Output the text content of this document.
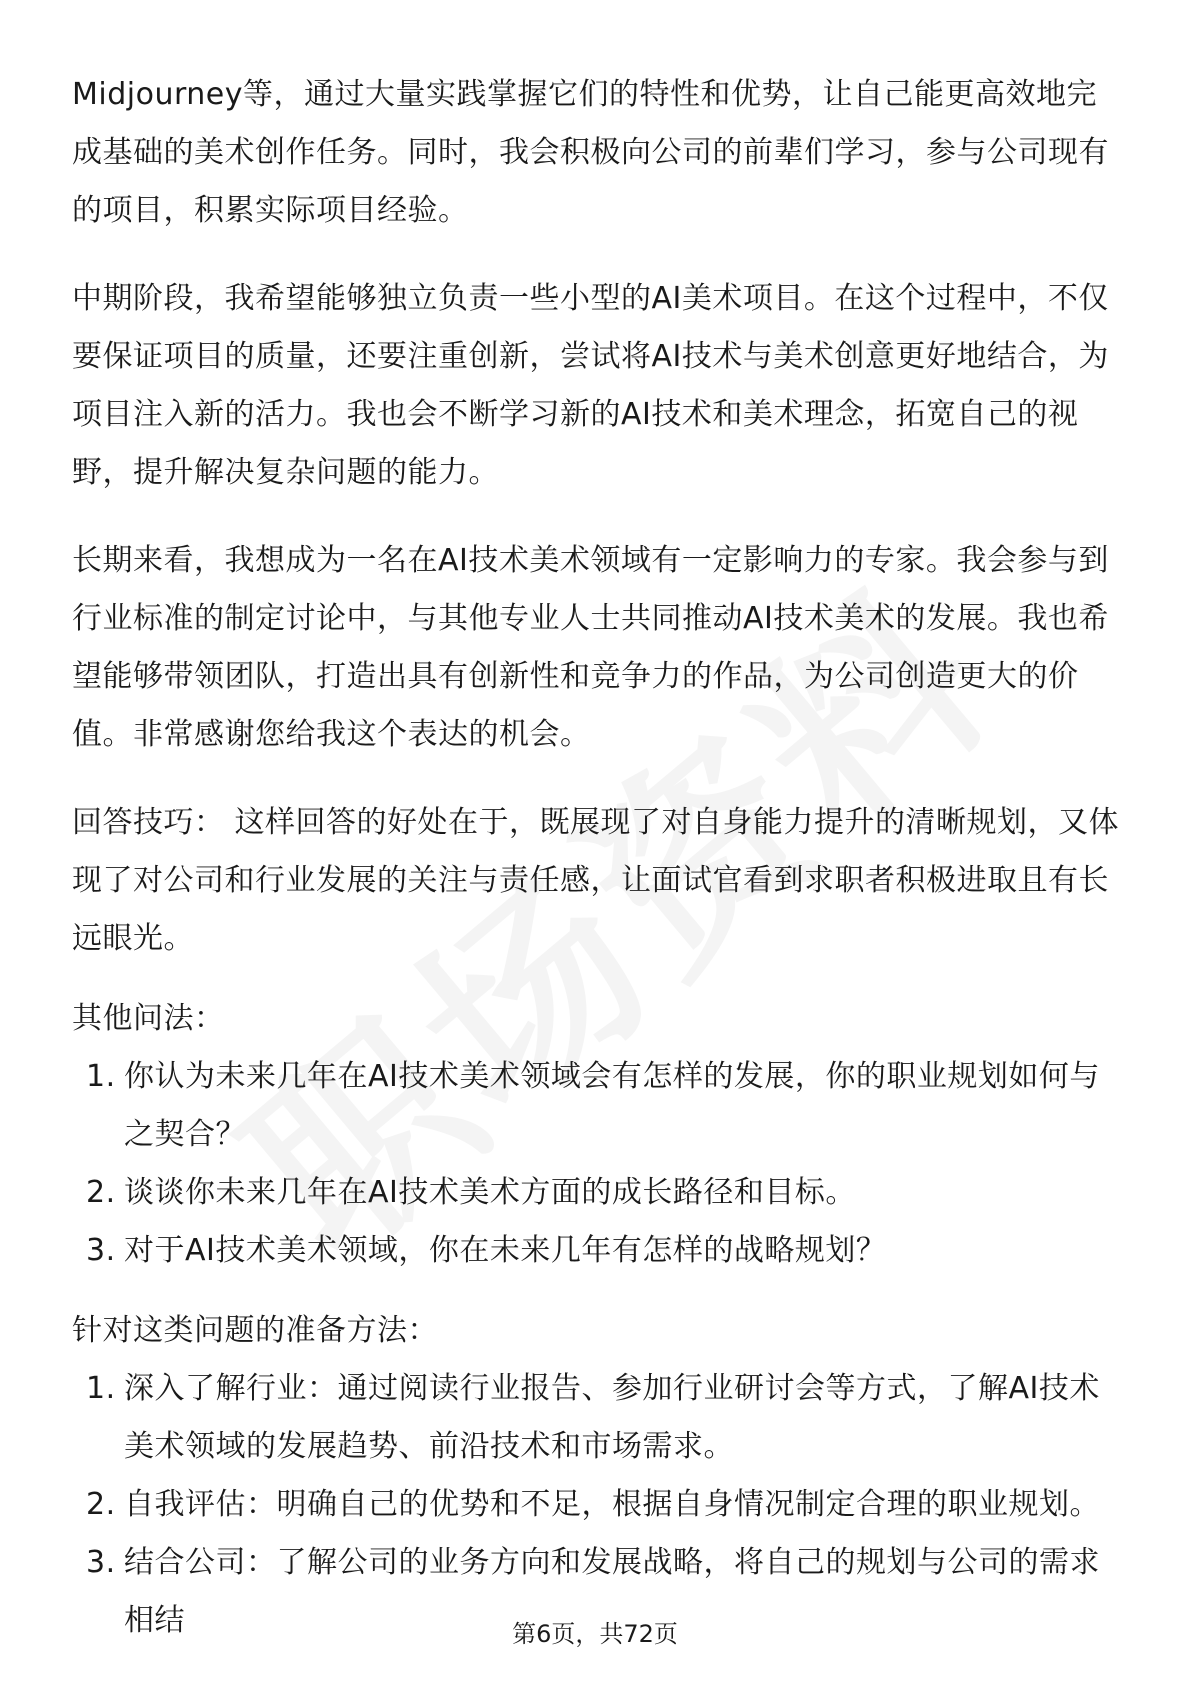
Midjourney等，通过大量实践掌握它们的特性和优势，让自己能更高效地完成基础的美术创作任务。同时，我会积极向公司的前辈们学习，参与公司现有的项目，积累实际项目经验。

中期阶段，我希望能够独立负责一些小型的AI美术项目。在这个过程中，不仅要保证项目的质量，还要注重创新，尝试将AI技术与美术创意更好地结合，为项目注入新的活力。我也会不断学习新的AI技术和美术理念，拓宽自己的视野，提升解决复杂问题的能力。

长期来看，我想成为一名在AI技术美术领域有一定影响力的专家。我会参与到行业标准的制定讨论中，与其他专业人士共同推动AI技术美术的发展。我也希望能够带领团队，打造出具有创新性和竞争力的作品，为公司创造更大的价值。非常感谢您给我这个表达的机会。

回答技巧： 这样回答的好处在于，既展现了对自身能力提升的清晰规划，又体现了对公司和行业发展的关注与责任感，让面试官看到求职者积极进取且有长远眼光。

其他问法：

1. 你认为未来几年在AI技术美术领域会有怎样的发展，你的职业规划如何与之契合？
2. 谈谈你未来几年在AI技术美术方面的成长路径和目标。
3. 对于AI技术美术领域，你在未来几年有怎样的战略规划？

针对这类问题的准备方法：

1. 深入了解行业：通过阅读行业报告、参加行业研讨会等方式，了解AI技术美术领域的发展趋势、前沿技术和市场需求。
2. 自我评估：明确自己的优势和不足，根据自身情况制定合理的职业规划。
3. 结合公司：了解公司的业务方向和发展战略，将自己的规划与公司的需求相结	第6页，共72页
